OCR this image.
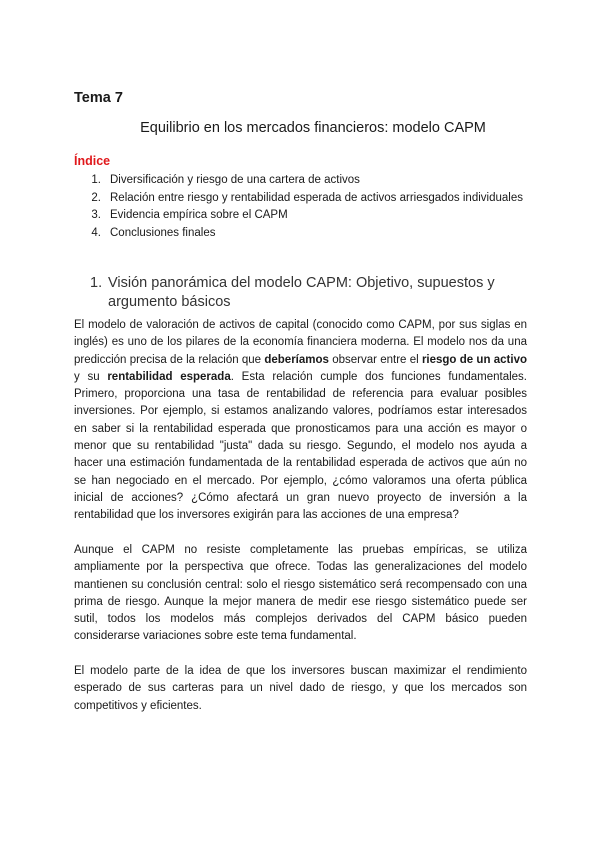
Tema 7

Equilibrio en los mercados financieros: modelo CAPM

Índice

1. Diversificación y riesgo de una cartera de activos
2. Relación entre riesgo y rentabilidad esperada de activos arriesgados individuales
3. Evidencia empírica sobre el CAPM
4. Conclusiones finales
1. Visión panorámica del modelo CAPM: Objetivo, supuestos y argumento básicos

El modelo de valoración de activos de capital (conocido como CAPM, por sus siglas en inglés) es uno de los pilares de la economía financiera moderna. El modelo nos da una predicción precisa de la relación que deberíamos observar entre el riesgo de un activo y su rentabilidad esperada. Esta relación cumple dos funciones fundamentales. Primero, proporciona una tasa de rentabilidad de referencia para evaluar posibles inversiones. Por ejemplo, si estamos analizando valores, podríamos estar interesados en saber si la rentabilidad esperada que pronosticamos para una acción es mayor o menor que su rentabilidad "justa" dada su riesgo. Segundo, el modelo nos ayuda a hacer una estimación fundamentada de la rentabilidad esperada de activos que aún no se han negociado en el mercado. Por ejemplo, ¿cómo valoramos una oferta pública inicial de acciones? ¿Cómo afectará un gran nuevo proyecto de inversión a la rentabilidad que los inversores exigirán para las acciones de una empresa?

Aunque el CAPM no resiste completamente las pruebas empíricas, se utiliza ampliamente por la perspectiva que ofrece. Todas las generalizaciones del modelo mantienen su conclusión central: solo el riesgo sistemático será recompensado con una prima de riesgo. Aunque la mejor manera de medir ese riesgo sistemático puede ser sutil, todos los modelos más complejos derivados del CAPM básico pueden considerarse variaciones sobre este tema fundamental.

El modelo parte de la idea de que los inversores buscan maximizar el rendimiento esperado de sus carteras para un nivel dado de riesgo, y que los mercados son competitivos y eficientes.
